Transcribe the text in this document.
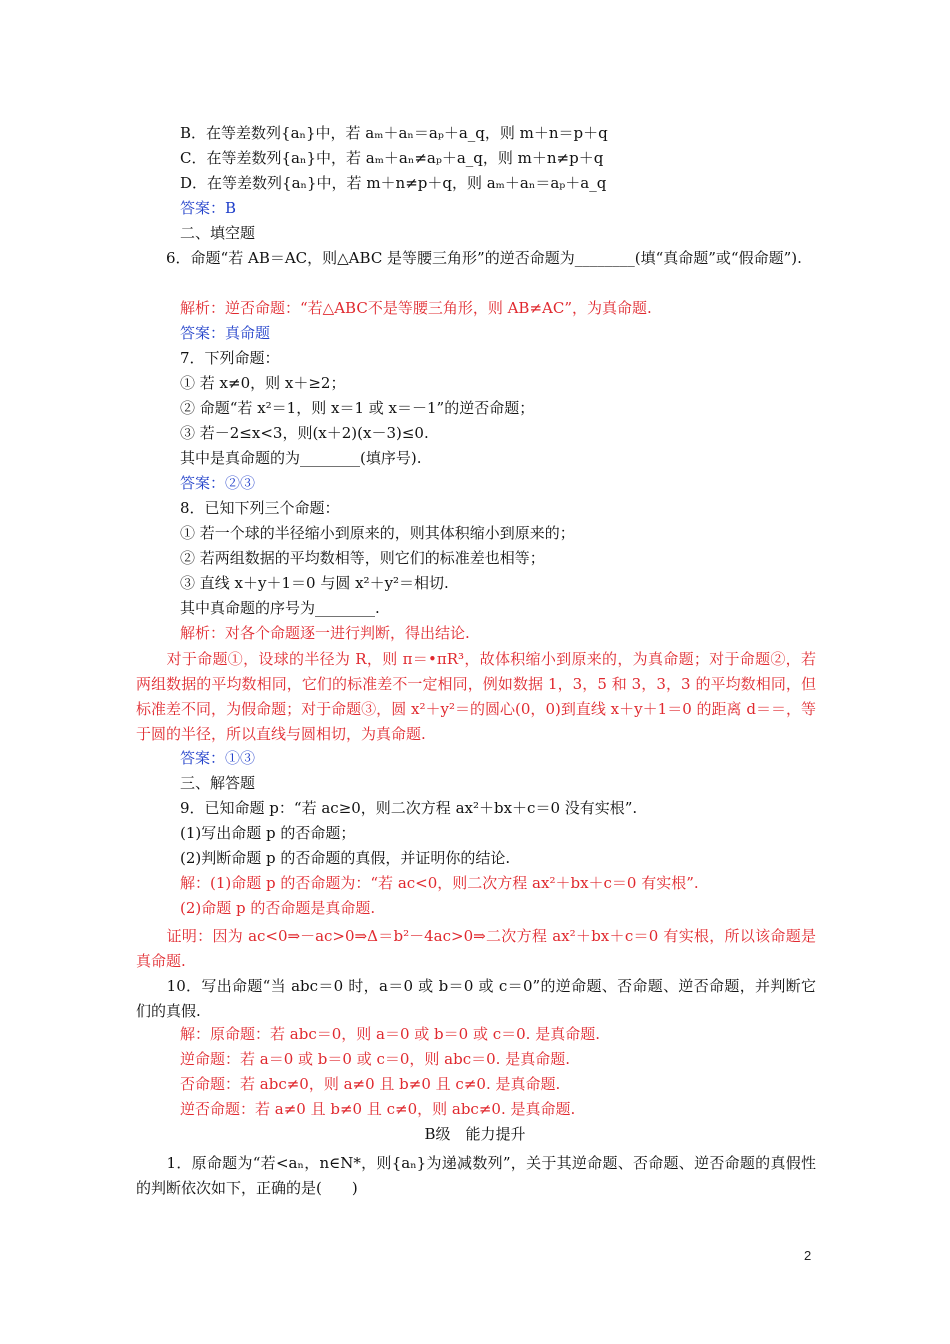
B．在等差数列{aₙ}中，若 aₘ＋aₙ＝aₚ＋a_q，则 m＋n＝p＋q
C．在等差数列{aₙ}中，若 aₘ＋aₙ≠aₚ＋a_q，则 m＋n≠p＋q
D．在等差数列{aₙ}中，若 m＋n≠p＋q，则 aₘ＋aₙ＝aₚ＋a_q
答案：B
二、填空题
解析：逆否命题：“若△ABC不是等腰三角形，则 AB≠AC”，为真命题.
答案：真命题
7．下列命题：
① 若 x≠0，则 x＋≥2；
② 命题“若 x²＝1，则 x＝1 或 x＝－1”的逆否命题；
③ 若－2≤x<3，则(x＋2)(x－3)≤0.
其中是真命题的为________(填序号).
答案：②③
8．已知下列三个命题：
① 若一个球的半径缩小到原来的，则其体积缩小到原来的；
② 若两组数据的平均数相等，则它们的标准差也相等；
③ 直线 x＋y＋1＝0 与圆 x²＋y²＝相切.
其中真命题的序号为________.
解析：对各个命题逐一进行判断，得出结论.
答案：①③
三、解答题
9．已知命题 p：“若 ac≥0，则二次方程 ax²＋bx＋c＝0 没有实根”.
(1)写出命题 p 的否命题；
(2)判断命题 p 的否命题的真假，并证明你的结论.
解：(1)命题 p 的否命题为：“若 ac<0，则二次方程 ax²＋bx＋c＝0 有实根”.
(2)命题 p 的否命题是真命题.
解：原命题：若 abc＝0，则 a＝0 或 b＝0 或 c＝0. 是真命题.
逆命题：若 a＝0 或 b＝0 或 c＝0，则 abc＝0. 是真命题.
否命题：若 abc≠0，则 a≠0 且 b≠0 且 c≠0. 是真命题.
逆否命题：若 a≠0 且 b≠0 且 c≠0，则 abc≠0. 是真命题.
　　6．命题“若 AB＝AC，则△ABC 是等腰三角形”的逆否命题为________(填“真命题”或“假命题”).
　　对于命题①，设球的半径为 R，则 π＝•πR³，故体积缩小到原来的，为真命题；对于命题②，若两组数据的平均数相同，它们的标准差不一定相同，例如数据 1，3，5 和 3，3，3 的平均数相同，但标准差不同，为假命题；对于命题③，圆 x²＋y²＝的圆心(0，0)到直线 x＋y＋1＝0 的距离 d＝＝，等于圆的半径，所以直线与圆相切，为真命题.
　　证明：因为 ac<0⇒－ac>0⇒Δ＝b²－4ac>0⇒二次方程 ax²＋bx＋c＝0 有实根，所以该命题是真命题.
　　10．写出命题“当 abc＝0 时，a＝0 或 b＝0 或 c＝0”的逆命题、否命题、逆否命题，并判断它们的真假.
　　1．原命题为“若<aₙ，n∈N*，则{aₙ}为递减数列”，关于其逆命题、否命题、逆否命题的真假性的判断依次如下，正确的是(　　)
B级　能力提升
2
